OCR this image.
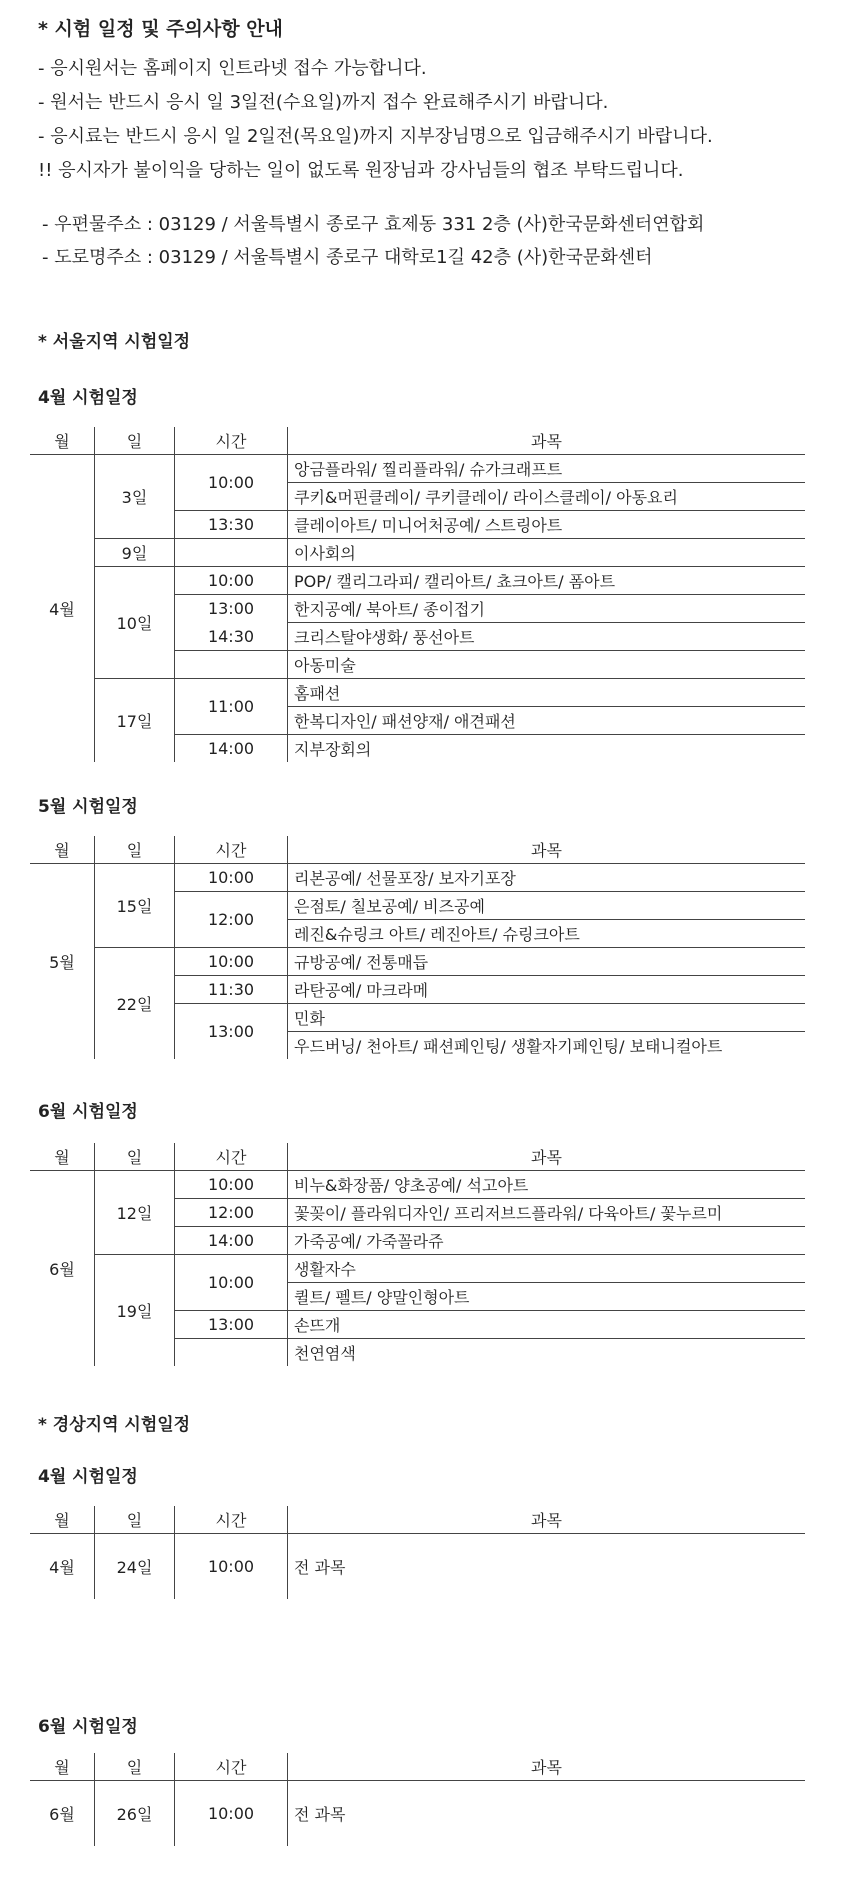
* 시험 일정 및 주의사항 안내
- 응시원서는 홈페이지 인트라넷 접수 가능합니다.
- 원서는 반드시 응시 일 3일전(수요일)까지 접수 완료해주시기 바랍니다.
- 응시료는 반드시 응시 일 2일전(목요일)까지 지부장님명으로 입금해주시기 바랍니다.
!! 응시자가 불이익을 당하는 일이 없도록 원장님과 강사님들의 협조 부탁드립니다.
- 우편물주소 : 03129 / 서울특별시 종로구 효제동 331 2층 (사)한국문화센터연합회
- 도로명주소 : 03129 / 서울특별시 종로구 대학로1길 42층 (사)한국문화센터
* 서울지역 시험일정
4월 시험일정
월	일	시간	과목
4월	3일	10:00	앙금플라워/ 찔리플라워/ 슈가크래프트
			쿠키&머핀클레이/ 쿠키클레이/ 라이스클레이/ 아동요리
		13:30	클레이아트/ 미니어처공예/ 스트링아트
	9일		이사회의
	10일	10:00	POP/ 캘리그라피/ 캘리아트/ 쵸크아트/ 폼아트
		13:00	한지공예/ 북아트/ 종이접기
		14:30	크리스탈야생화/ 풍선아트
			아동미술
	17일	11:00	홈패션
			한복디자인/ 패션양재/ 애견패션
		14:00	지부장회의
5월 시험일정
월	일	시간	과목
5월	15일	10:00	리본공예/ 선물포장/ 보자기포장
		12:00	은점토/ 칠보공예/ 비즈공예
			레진&슈링크 아트/ 레진아트/ 슈링크아트
	22일	10:00	규방공예/ 전통매듭
		11:30	라탄공예/ 마크라메
		13:00	민화
			우드버닝/ 천아트/ 패션페인팅/ 생활자기페인팅/ 보태니컬아트
6월 시험일정
월	일	시간	과목
6월	12일	10:00	비누&화장품/ 양초공예/ 석고아트
		12:00	꽃꽂이/ 플라워디자인/ 프리저브드플라워/ 다육아트/ 꽃누르미
		14:00	가죽공예/ 가죽꼴라쥬
	19일	10:00	생활자수
			퀼트/ 펠트/ 양말인형아트
		13:00	손뜨개
			천연염색
* 경상지역 시험일정
4월 시험일정
월	일	시간	과목
4월	24일	10:00	전 과목
6월 시험일정
월	일	시간	과목
6월	26일	10:00	전 과목
